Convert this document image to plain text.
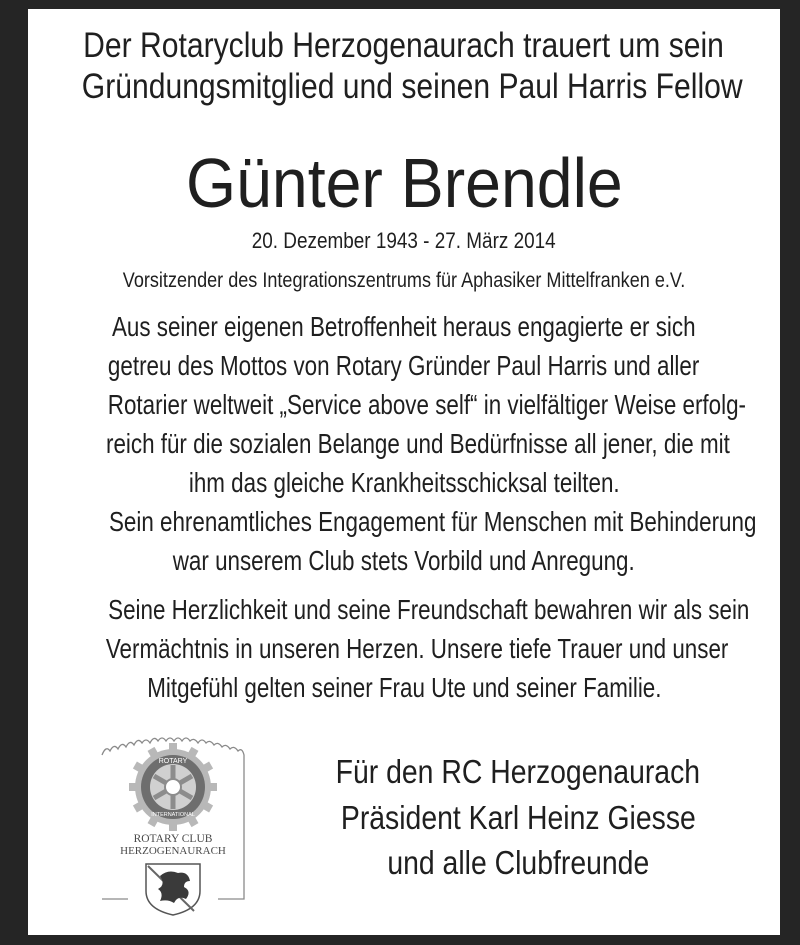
Der Rotaryclub Herzogenaurach trauert um sein
Gründungsmitglied und seinen Paul Harris Fellow
Günter Brendle
20. Dezember 1943 - 27. März 2014
Vorsitzender des Integrationszentrums für Aphasiker Mittelfranken e.V.
Aus seiner eigenen Betroffenheit heraus engagierte er sich
getreu des Mottos von Rotary Gründer Paul Harris und aller
Rotarier weltweit „Service above self“ in vielfältiger Weise erfolg-
reich für die sozialen Belange und Bedürfnisse all jener, die mit
ihm das gleiche Krankheitsschicksal teilten.
Sein ehrenamtliches Engagement für Menschen mit Behinderung
war unserem Club stets Vorbild und Anregung.
Seine Herzlichkeit und seine Freundschaft bewahren wir als sein
Vermächtnis in unseren Herzen. Unsere tiefe Trauer und unser
Mitgefühl gelten seiner Frau Ute und seiner Familie.
ROTARY
INTERNATIONAL
ROTARY CLUB
HERZOGENAURACH
Für den RC Herzogenaurach
Präsident Karl Heinz Giesse
und alle Clubfreunde
